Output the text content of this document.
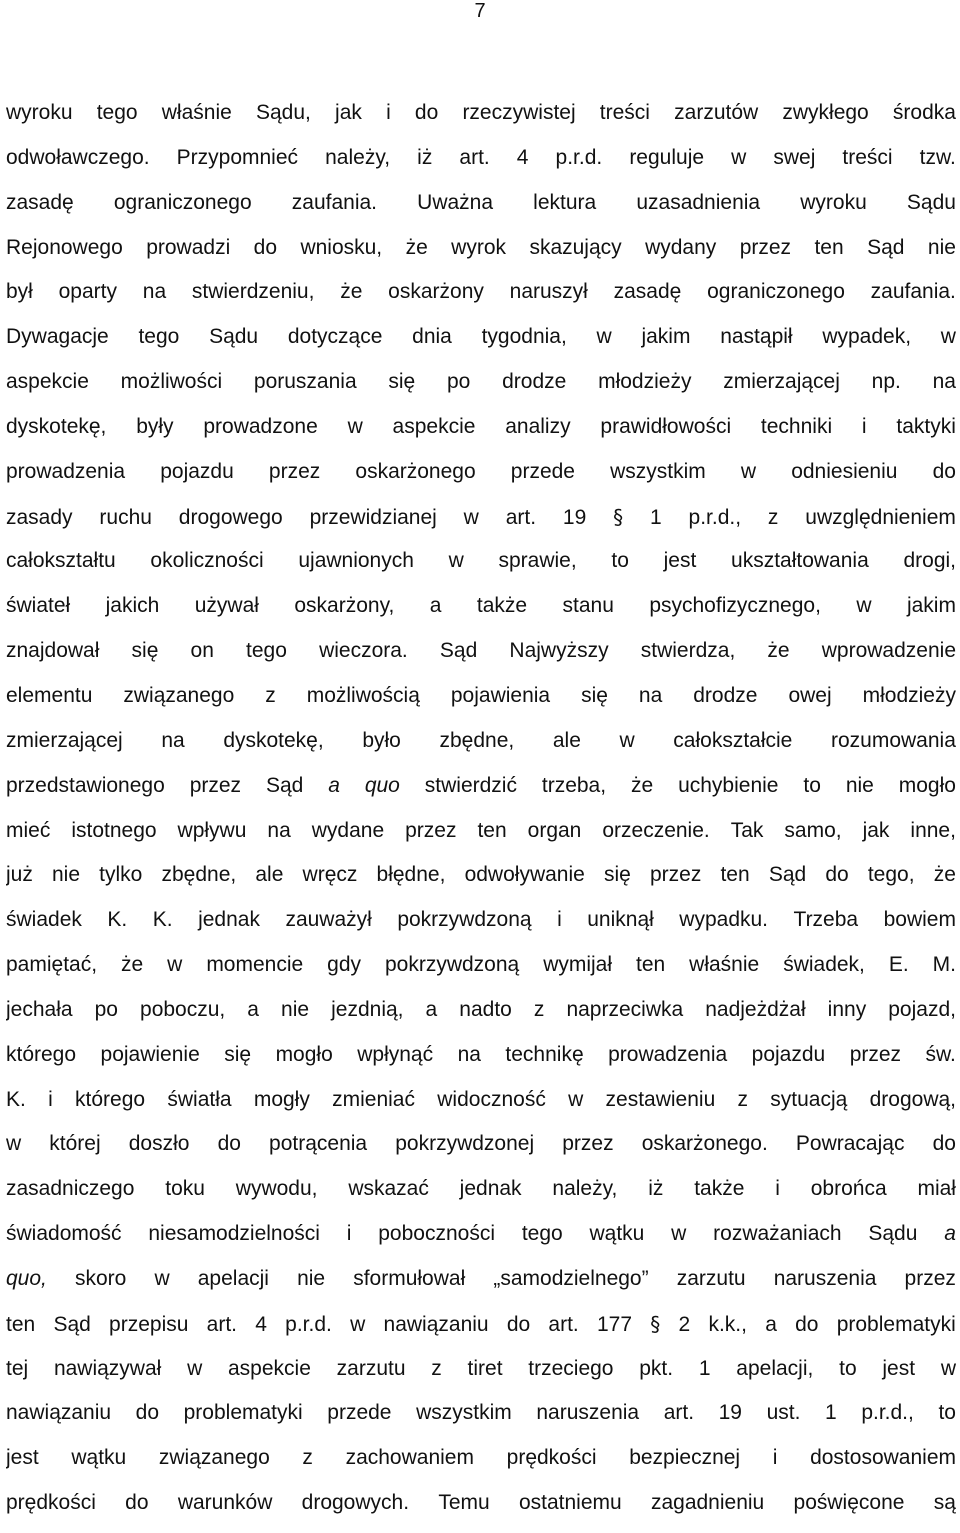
7
wyroku tego właśnie Sądu, jak i do rzeczywistej treści zarzutów zwykłego środka
odwoławczego. Przypomnieć należy, iż art. 4 p.r.d. reguluje w swej treści tzw.
zasadę ograniczonego zaufania. Uważna lektura uzasadnienia wyroku Sądu
Rejonowego prowadzi do wniosku, że wyrok skazujący wydany przez ten Sąd nie
był oparty na stwierdzeniu, że oskarżony naruszył zasadę ograniczonego zaufania.
Dywagacje tego Sądu dotyczące dnia tygodnia, w jakim nastąpił wypadek, w
aspekcie możliwości poruszania się po drodze młodzieży zmierzającej np. na
dyskotekę, były prowadzone w aspekcie analizy prawidłowości techniki i taktyki
prowadzenia pojazdu przez oskarżonego przede wszystkim w odniesieniu do
zasady ruchu drogowego przewidzianej w art. 19 § 1 p.r.d., z uwzględnieniem
całokształtu okoliczności ujawnionych w sprawie, to jest ukształtowania drogi,
świateł jakich używał oskarżony, a także stanu psychofizycznego, w jakim
znajdował się on tego wieczora. Sąd Najwyższy stwierdza, że wprowadzenie
elementu związanego z możliwością pojawienia się na drodze owej młodzieży
zmierzającej na dyskotekę, było zbędne, ale w całokształcie rozumowania
przedstawionego przez Sąd a quo stwierdzić trzeba, że uchybienie to nie mogło
mieć istotnego wpływu na wydane przez ten organ orzeczenie. Tak samo, jak inne,
już nie tylko zbędne, ale wręcz błędne, odwoływanie się przez ten Sąd do tego, że
świadek K. K. jednak zauważył pokrzywdzoną i uniknął wypadku. Trzeba bowiem
pamiętać, że w momencie gdy pokrzywdzoną wymijał ten właśnie świadek, E. M.
jechała po poboczu, a nie jezdnią, a nadto z naprzeciwka nadjeżdżał inny pojazd,
którego pojawienie się mogło wpłynąć na technikę prowadzenia pojazdu przez św.
K. i którego światła mogły zmieniać widoczność w zestawieniu z sytuacją drogową,
w której doszło do potrącenia pokrzywdzonej przez oskarżonego. Powracając do
zasadniczego toku wywodu, wskazać jednak należy, iż także i obrońca miał
świadomość niesamodzielności i poboczności tego wątku w rozważaniach Sądu a
quo, skoro w apelacji nie sformułował „samodzielnego” zarzutu naruszenia przez
ten Sąd przepisu art. 4 p.r.d. w nawiązaniu do art. 177 § 2 k.k., a do problematyki
tej nawiązywał w aspekcie zarzutu z tiret trzeciego pkt. 1 apelacji, to jest w
nawiązaniu do problematyki przede wszystkim naruszenia art. 19 ust. 1 p.r.d., to
jest wątku związanego z zachowaniem prędkości bezpiecznej i dostosowaniem
prędkości do warunków drogowych. Temu ostatniemu zagadnieniu poświęcone są
